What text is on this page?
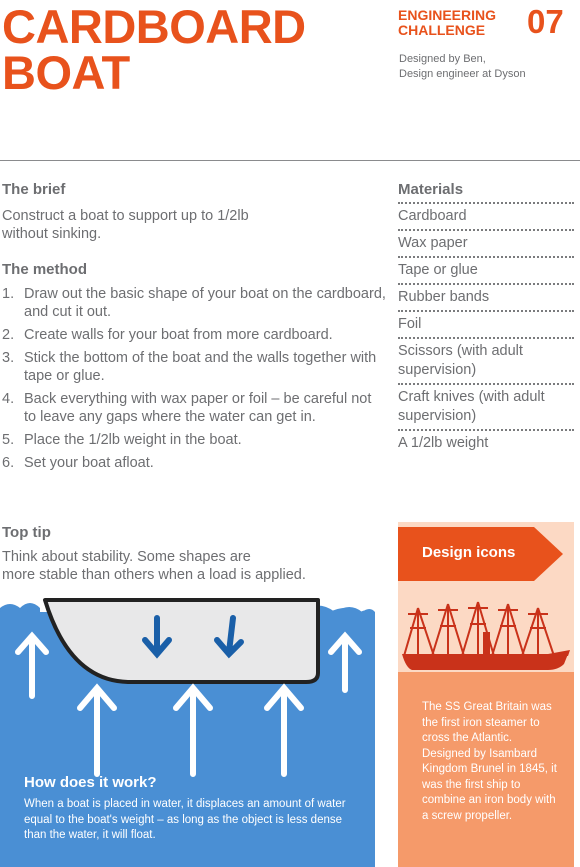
CARDBOARD
BOAT
ENGINEERING
CHALLENGE	07
Designed by Ben,
Design engineer at Dyson
The brief
Construct a boat to support up to 1/2lb
without sinking.
The method
1. Draw out the basic shape of your boat on the cardboard, and cut it out.
2. Create walls for your boat from more cardboard.
3. Stick the bottom of the boat and the walls together with tape or glue.
4. Back everything with wax paper or foil – be careful not to leave any gaps where the water can get in.
5. Place the 1/2lb weight in the boat.
6. Set your boat afloat.
Top tip
Think about stability. Some shapes are
more stable than others when a load is applied.
Materials
Cardboard
Wax paper
Tape or glue
Rubber bands
Foil
Scissors (with adult supervision)
Craft knives (with adult supervision)
A 1/2lb weight
How does it work?
When a boat is placed in water, it displaces an amount of water equal to the boat's weight – as long as the object is less dense than the water, it will float.
Design icons
The SS Great Britain was the first iron steamer to cross the Atlantic. Designed by Isambard Kingdom Brunel in 1845, it was the first ship to combine an iron body with a screw propeller.
